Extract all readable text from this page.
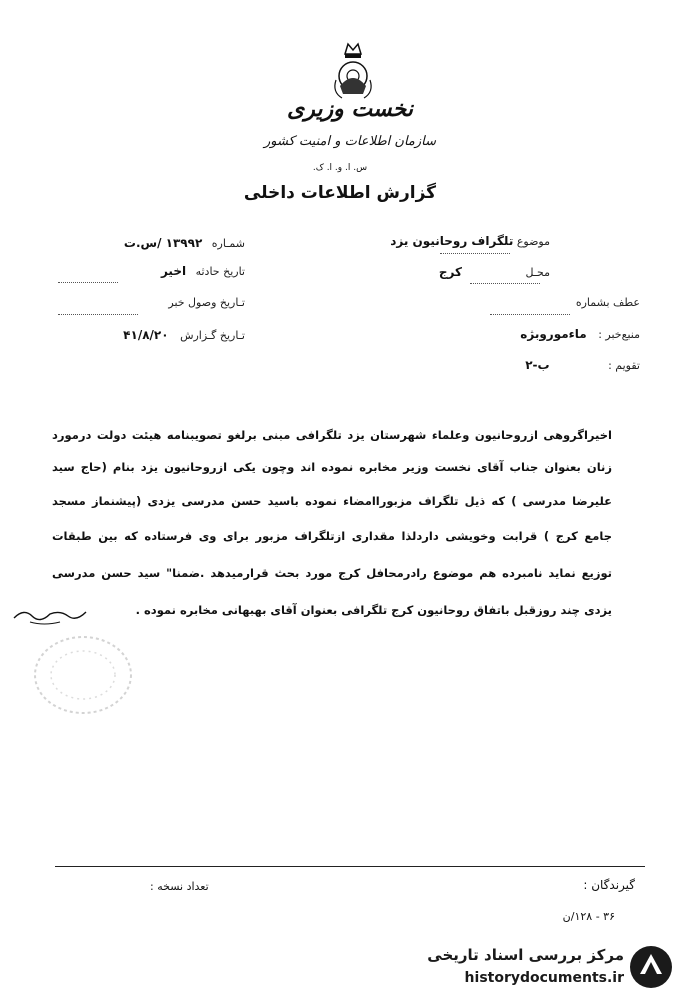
نخست وزیری
سازمان اطلاعات و امنیت کشور
س. ا. و. ا. ک.
گزارش اطلاعات داخلی
موضوع تلگراف روحانیون یزد
محـل کرج
عطف بشماره
منبع‌خبر : ماءموروبژه
تقویم : ب-۲
شمـاره ۱۳۹۹۲ /س.ت
تاریخ حادثه اخیر
تـاریخ وصول خبر
تـاریخ گـزارش ۴۱/۸/۲۰
اخیراگروهی ازروحانیون وعلماء شهرستان یزد تلگرافی مبنی برلغو تصویبنامه هیئت دولت درمورد
زنان بعنوان جناب آقای نخست وزیر مخابره نموده اند وچون یکی ازروحانیون یزد بنام (حاج سید
علیرضا مدرسی ) که ذیل تلگراف مزبوراامضاء نموده باسید حسن مدرسی یزدی (پیشنماز مسجد
جامع کرج ) قرابت وخویشی داردلذا مقداری ازتلگراف مزبور برای وی فرستاده که بین طبقات
توزیع نماید نامبرده هم موضوع رادرمحافل کرج مورد بحث قرارمیدهد .ضمنا" سید حسن مدرسی
یزدی چند روزقبل باتفاق روحانیون کرج تلگرافی بعنوان آقای بهبهانی مخابره نموده .
گیرندگان :
تعداد نسخه :
۳۶ - ۱۲۸/ن
مرکز بررسی اسناد تاریخی
historydocuments.ir
